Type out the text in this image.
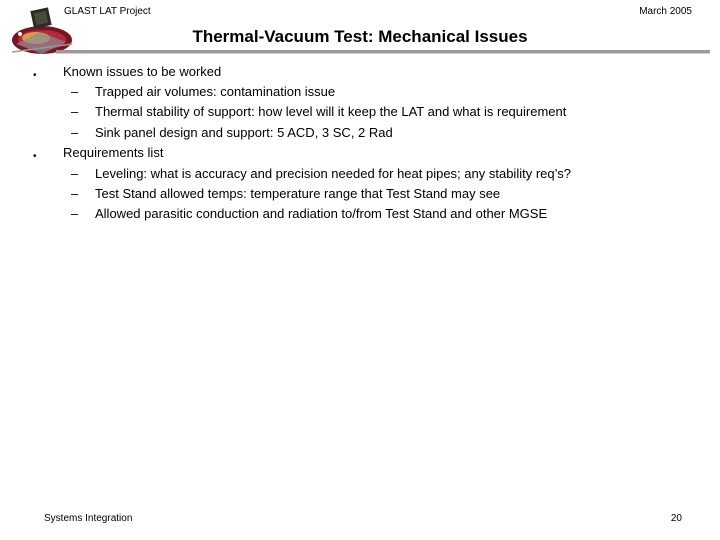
GLAST LAT Project	March 2005
Thermal-Vacuum Test: Mechanical Issues
• Known issues to be worked
– Trapped air volumes: contamination issue
– Thermal stability of support: how level will it keep the LAT and what is requirement
– Sink panel design and support: 5 ACD, 3 SC, 2 Rad
• Requirements list
– Leveling: what is accuracy and precision needed for heat pipes; any stability req’s?
– Test Stand allowed temps: temperature range that Test Stand may see
– Allowed parasitic conduction and radiation to/from Test Stand and other MGSE
Systems Integration	20
